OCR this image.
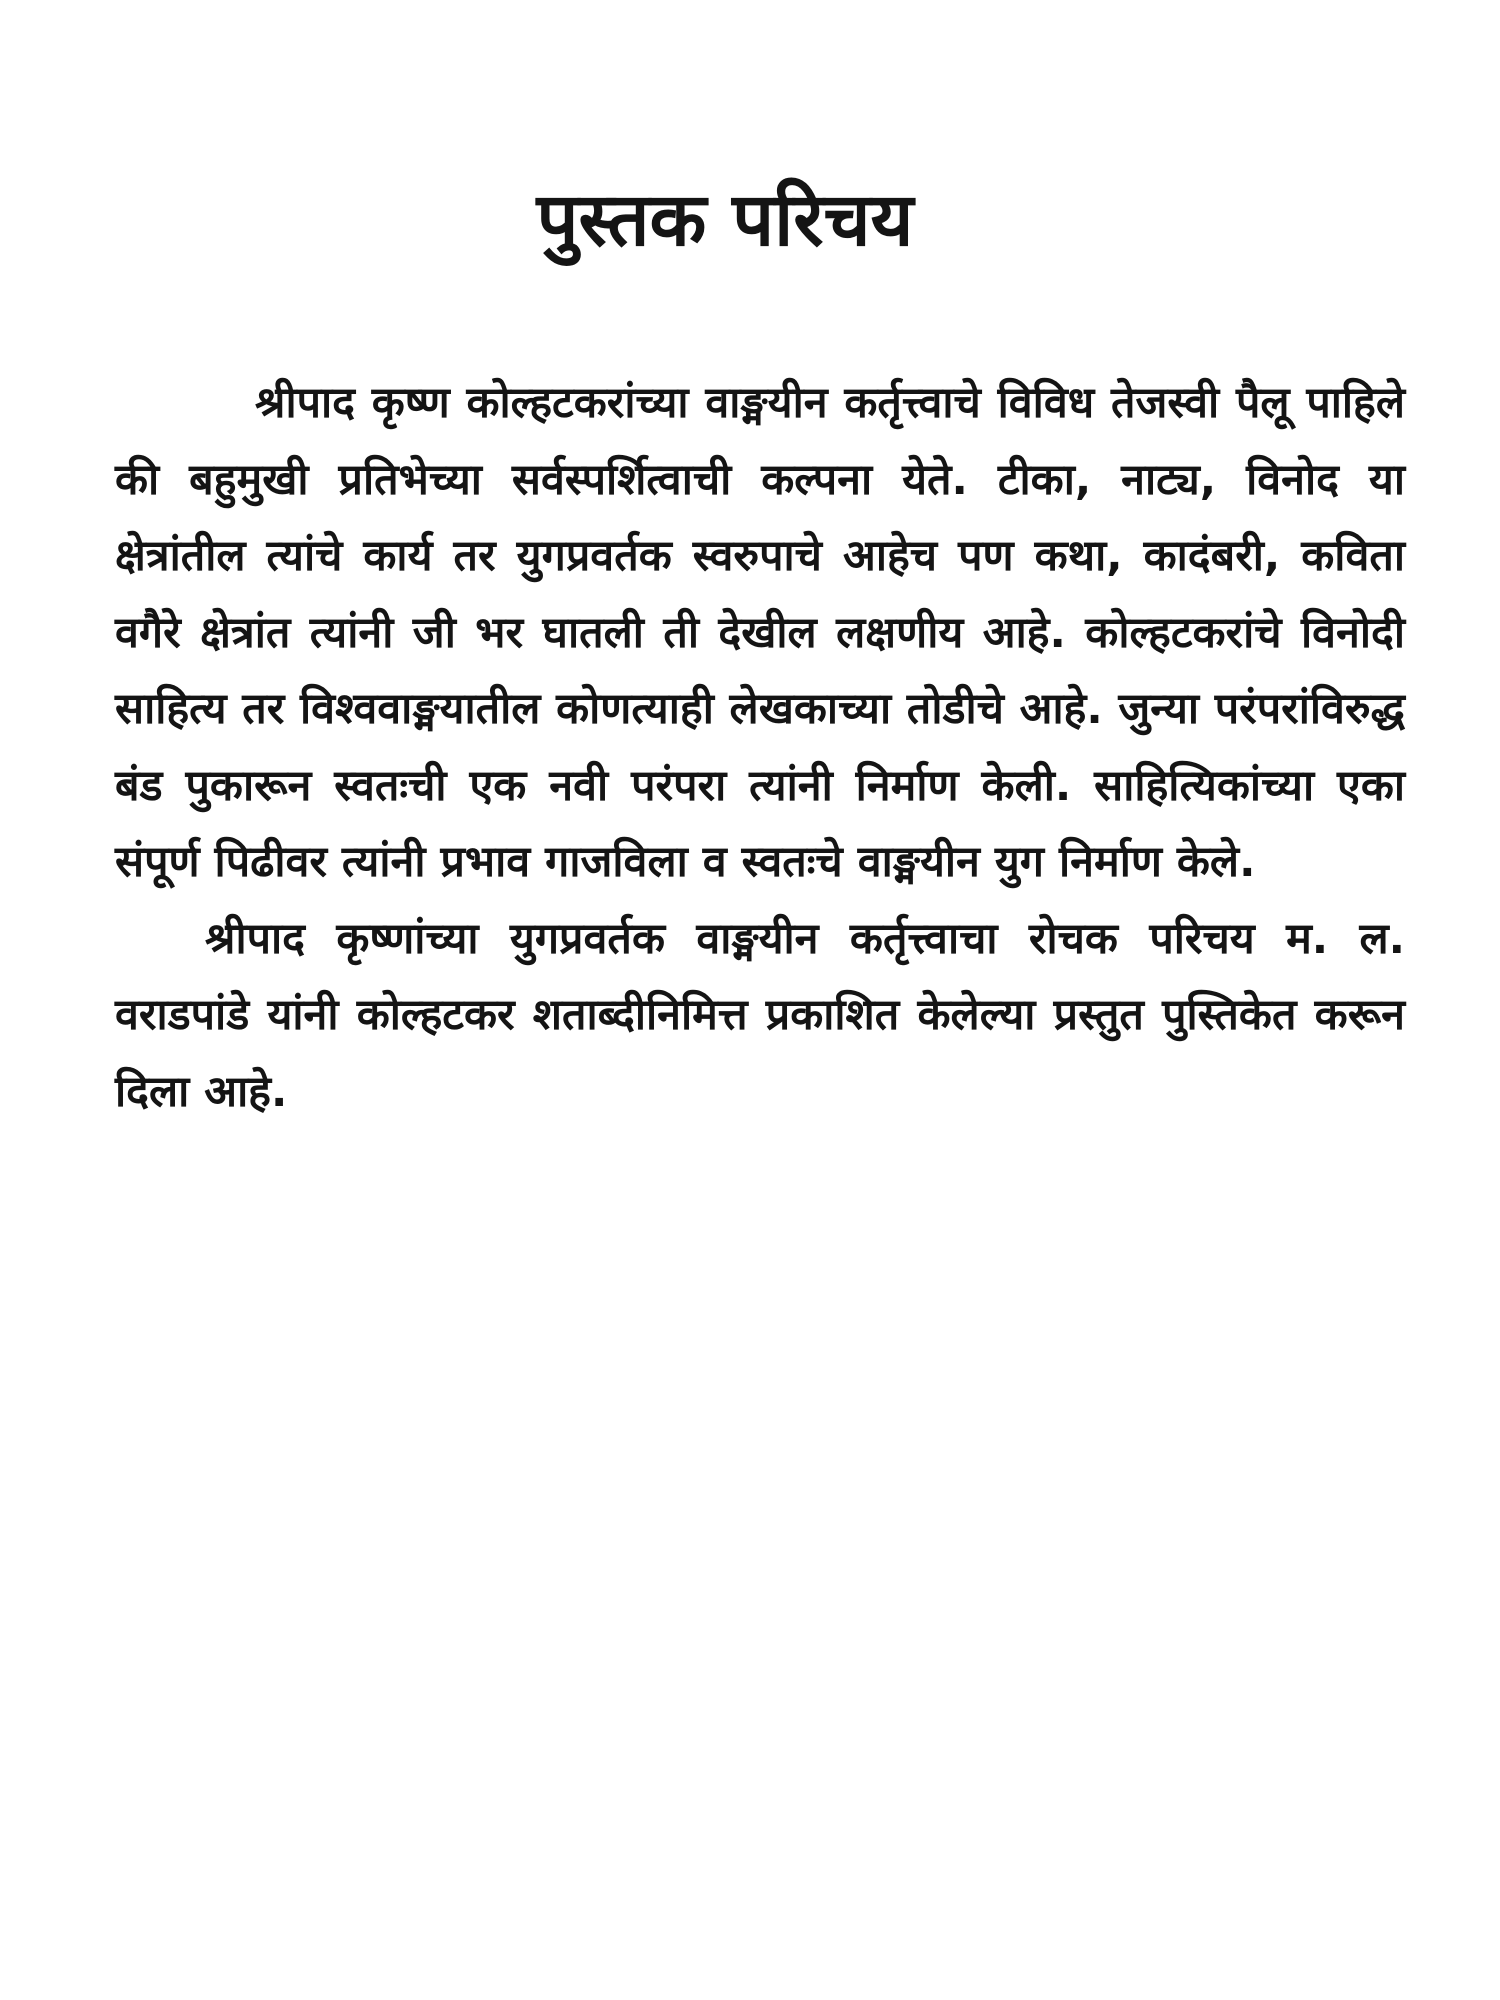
पुस्तक परिचय

श्रीपाद कृष्ण कोल्हटकरांच्या वाङ्मयीन कर्तृत्त्वाचे विविध तेजस्वी पैलू पाहिले की बहुमुखी प्रतिभेच्या सर्वस्पर्शित्वाची कल्पना येते. टीका, नाट्य, विनोद या क्षेत्रांतील त्यांचे कार्य तर युगप्रवर्तक स्वरुपाचे आहेच पण कथा, कादंबरी, कविता वगैरे क्षेत्रांत त्यांनी जी भर घातली ती देखील लक्षणीय आहे. कोल्हटकरांचे विनोदी साहित्य तर विश्ववाङ्मयातील कोणत्याही लेखकाच्या तोडीचे आहे. जुन्या परंपरांविरुद्ध बंड पुकारून स्वतःची एक नवी परंपरा त्यांनी निर्माण केली. साहित्यिकांच्या एका संपूर्ण पिढीवर त्यांनी प्रभाव गाजविला व स्वतःचे वाङ्मयीन युग निर्माण केले.

श्रीपाद कृष्णांच्या युगप्रवर्तक वाङ्मयीन कर्तृत्त्वाचा रोचक परिचय म. ल. वराडपांडे यांनी कोल्हटकर शताब्दीनिमित्त प्रकाशित केलेल्या प्रस्तुत पुस्तिकेत करून दिला आहे.
